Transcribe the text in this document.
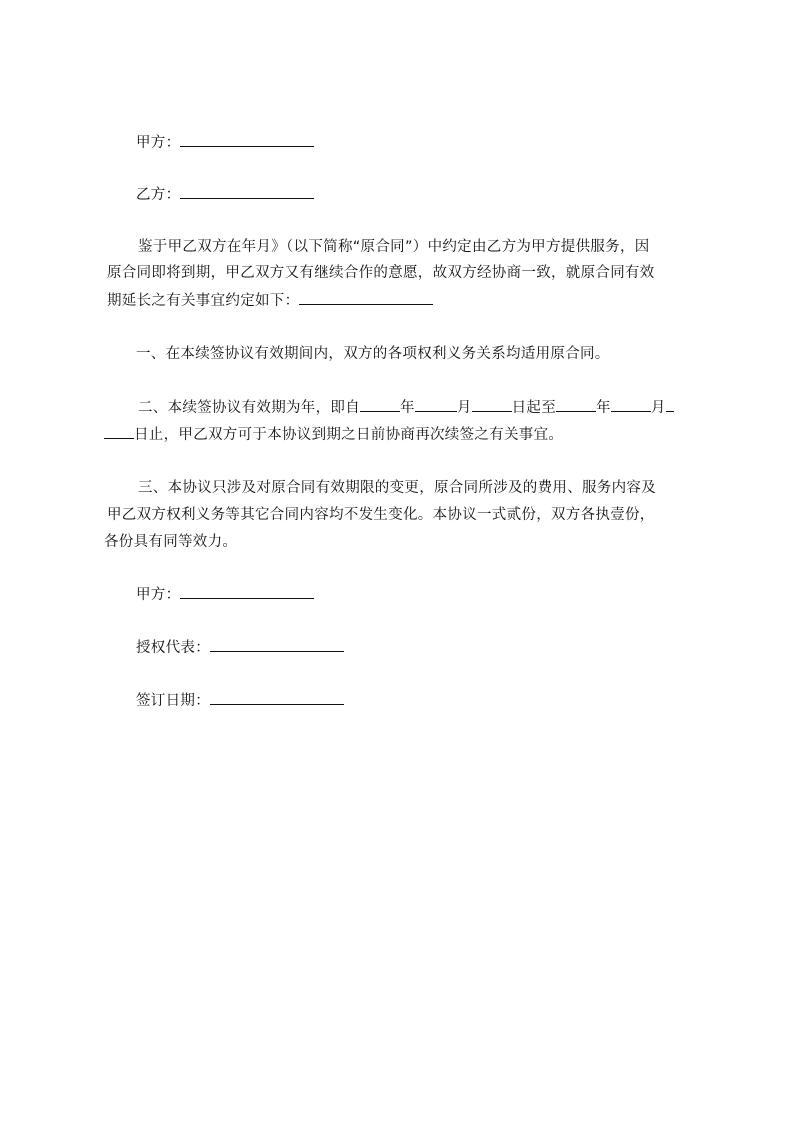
甲方：
乙方：
鉴于甲乙双方在年月》（以下简称“原合同”）中约定由乙方为甲方提供服务，因
原合同即将到期，甲乙双方又有继续合作的意愿，故双方经协商一致，就原合同有效
期延长之有关事宜约定如下：
一、在本续签协议有效期间内，双方的各项权利义务关系均适用原合同。
二、本续签协议有效期为年，即自	年	月	日起至	年	月
日止，甲乙双方可于本协议到期之日前协商再次续签之有关事宜。
三、本协议只涉及对原合同有效期限的变更，原合同所涉及的费用、服务内容及
甲乙双方权利义务等其它合同内容均不发生变化。本协议一式贰份，双方各执壹份，
各份具有同等效力。
甲方：
授权代表：
签订日期：
